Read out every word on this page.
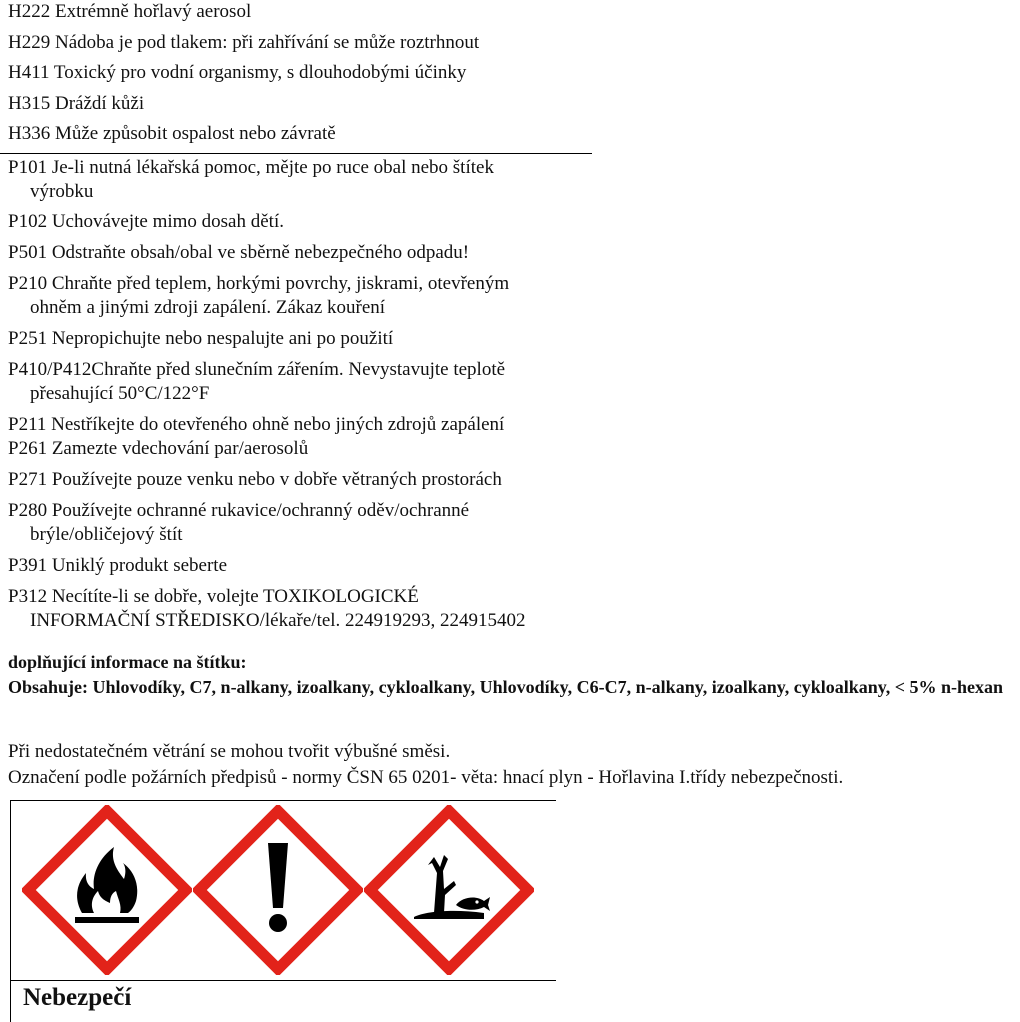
H222 Extrémně hořlavý aerosol
H229 Nádoba je pod tlakem: při zahřívání se může roztrhnout
H411 Toxický pro vodní organismy, s dlouhodobými účinky
H315 Dráždí kůži
H336 Může způsobit ospalost nebo závratě
P101 Je-li nutná lékařská pomoc, mějte po ruce obal nebo štítek
výrobku
P102 Uchovávejte mimo dosah dětí.
P501 Odstraňte obsah/obal ve sběrně nebezpečného odpadu!
P210 Chraňte před teplem, horkými povrchy, jiskrami, otevřeným
ohněm a jinými zdroji zapálení. Zákaz kouření
P251 Nepropichujte nebo nespalujte ani po použití
P410/P412Chraňte před slunečním zářením. Nevystavujte teplotě
přesahující 50°C/122°F
P211 Nestříkejte do otevřeného ohně nebo jiných zdrojů zapálení
P261 Zamezte vdechování par/aerosolů
P271 Používejte pouze venku nebo v dobře větraných prostorách
P280 Používejte ochranné rukavice/ochranný oděv/ochranné
brýle/obličejový štít
P391 Uniklý produkt seberte
P312 Necítíte-li se dobře, volejte TOXIKOLOGICKÉ
INFORMAČNÍ STŘEDISKO/lékaře/tel. 224919293, 224915402
doplňující informace na štítku:
Obsahuje: Uhlovodíky, C7, n-alkany, izoalkany, cykloalkany, Uhlovodíky, C6-C7, n-alkany, izoalkany, cykloalkany, < 5% n-hexan
Při nedostatečném větrání se mohou tvořit výbušné směsi.
Označení podle požárních předpisů - normy ČSN 65 0201- věta: hnací plyn - Hořlavina I.třídy nebezpečnosti.
Nebezpečí
